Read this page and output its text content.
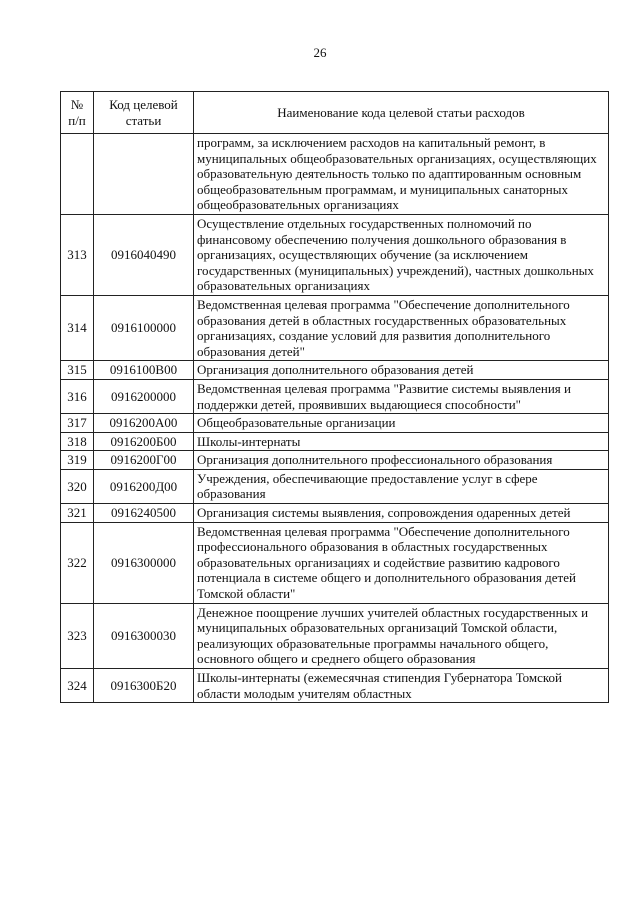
26
№ п/п	Код целевой статьи	Наименование кода целевой статьи расходов
		программ, за исключением расходов на капитальный ремонт, в муниципальных общеобразовательных организациях, осуществляющих образовательную деятельность только по адаптированным основным общеобразовательным программам, и муниципальных санаторных общеобразовательных организациях
313	0916040490	Осуществление отдельных государственных полномочий по финансовому обеспечению получения дошкольного образования в организациях, осуществляющих обучение (за исключением государственных (муниципальных) учреждений), частных дошкольных образовательных организациях
314	0916100000	Ведомственная целевая программа "Обеспечение дополнительного образования детей в областных государственных образовательных организациях, создание условий для развития дополнительного образования детей"
315	0916100В00	Организация дополнительного образования детей
316	0916200000	Ведомственная целевая программа "Развитие системы выявления и поддержки детей, проявивших выдающиеся способности"
317	0916200А00	Общеобразовательные организации
318	0916200Б00	Школы-интернаты
319	0916200Г00	Организация дополнительного профессионального образования
320	0916200Д00	Учреждения, обеспечивающие предоставление услуг в сфере образования
321	0916240500	Организация системы выявления, сопровождения одаренных детей
322	0916300000	Ведомственная целевая программа "Обеспечение дополнительного профессионального образования в областных государственных образовательных организациях и содействие развитию кадрового потенциала в системе общего и дополнительного образования детей Томской области"
323	0916300030	Денежное поощрение лучших учителей областных государственных и муниципальных образовательных организаций Томской области, реализующих образовательные программы начального общего, основного общего и среднего общего образования
324	0916300Б20	Школы-интернаты (ежемесячная стипендия Губернатора Томской области молодым учителям областных
